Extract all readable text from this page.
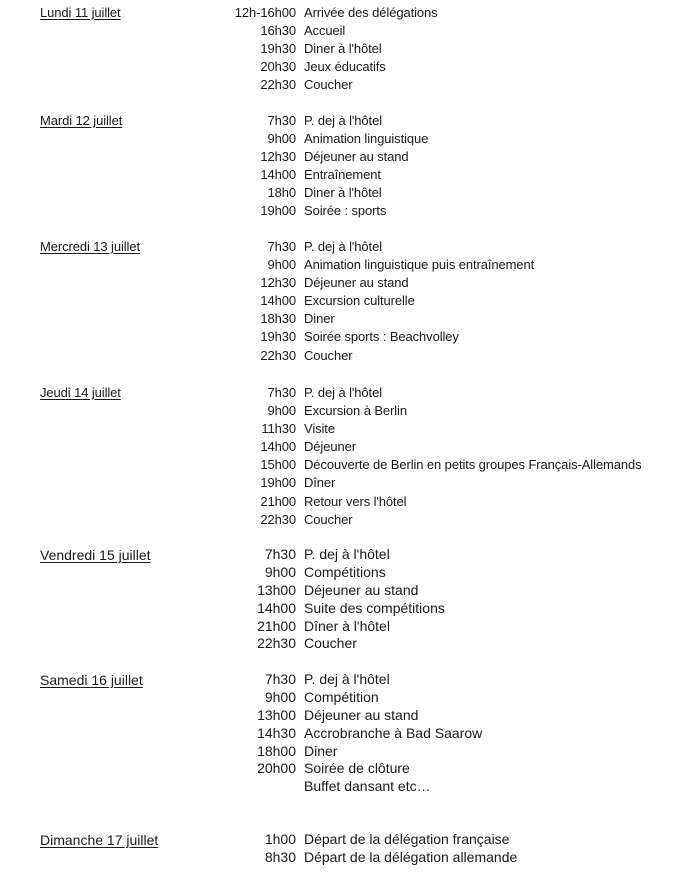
Lundi 11 juillet	12h-16h00 Arrivée des délégations
16h30 Accueil
19h30 Diner à l'hôtel
20h30 Jeux éducatifs
22h30 Coucher
Mardi 12 juillet	7h30 P. dej à l'hôtel
9h00 Animation linguistique
12h30 Déjeuner au stand
14h00 Entraînement
18h0 Diner à l'hôtel
19h00 Soirée : sports
Mercredi 13 juillet	7h30 P. dej à l'hôtel
9h00 Animation linguistique puis entraînement
12h30 Déjeuner au stand
14h00 Excursion culturelle
18h30 Diner
19h30 Soirée sports : Beachvolley
22h30 Coucher
Jeudi 14 juillet	7h30 P. dej à l'hôtel
9h00 Excursion à Berlin
11h30 Visite
14h00 Déjeuner
15h00 Découverte de Berlin en petits groupes Français-Allemands
19h00 Dîner
21h00 Retour vers l'hôtel
22h30 Coucher
Vendredi 15 juillet	7h30 P. dej à l'hôtel
9h00 Compétitions
13h00 Déjeuner au stand
14h00 Suite des compétitions
21h00 Dîner à l'hôtel
22h30 Coucher
Samedi 16 juillet	7h30 P. dej à l'hôtel
9h00 Compétition
13h00 Déjeuner au stand
14h30 Accrobranche à Bad Saarow
18h00 Diner
20h00 Soirée de clôture
Buffet dansant etc…
Dimanche 17 juillet	1h00 Départ de la délégation française
8h30 Départ de la délégation allemande
